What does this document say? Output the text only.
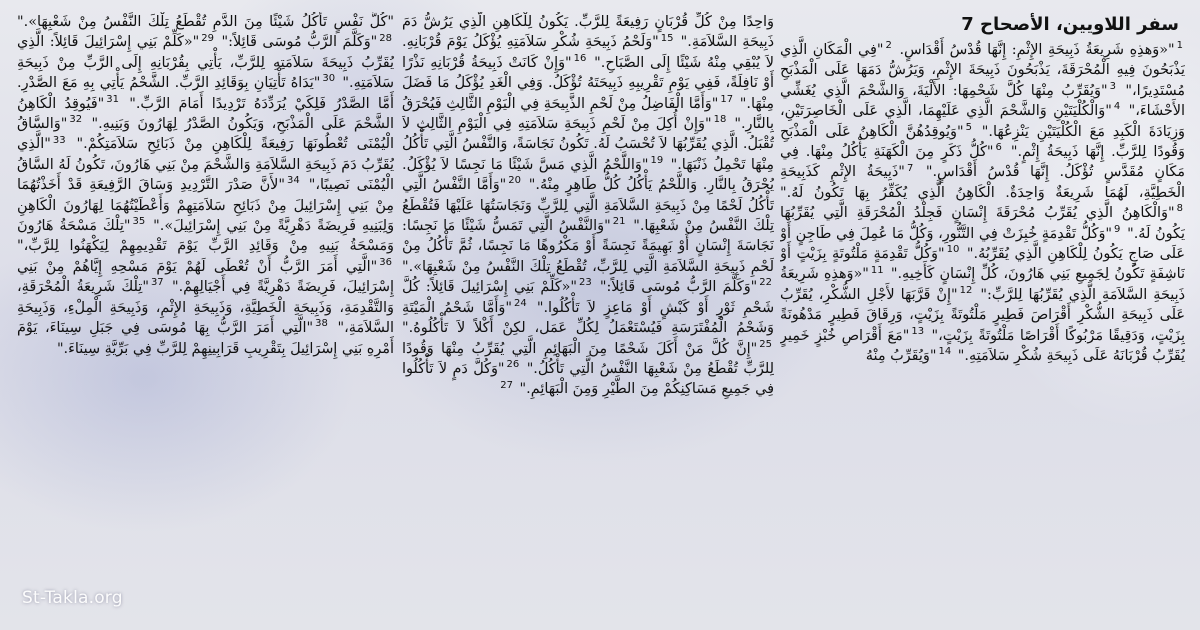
سفر اللاويين، الأصحاح 7
$^1$"«وَهذِهِ شَرِيعَةُ ذَبِيحَةِ الإِثْمِ: إِنَّهَا قُدْسُ أَقْدَاسٍ. $^2$"فِي الْمَكَانِ الَّذِي يَذْبَحُونَ فِيهِ الْمُحْرَقَةَ، يَذْبَحُونَ ذَبِيحَةَ الإِثْمِ، وَيَرُشُّ دَمَهَا عَلَى الْمَذْبَحِ مُسْتَدِيرًا،" $^3$"وَيُقَرِّبُ مِنْهَا كُلَّ شَحْمِهَا: الأَلْيَةَ، وَالشَّحْمَ الَّذِي يُغَشِّي الأَحْشَاءَ،" $^4$"وَالْكُلْيَتَيْنِ وَالشَّحْمَ الَّذِي عَلَيْهِمَا، الَّذِي عَلَى الْخَاصِرَتَيْنِ، وَزِيَادَةَ الْكَبِدِ مَعَ الْكُلْيَتَيْنِ يَنْزِعُهَا." $^5$"وَيُوقِدُهُنَّ الْكَاهِنُ عَلَى الْمَذْبَحِ وَقُودًا لِلرَّبِّ. إِنَّهَا ذَبِيحَةُ إِثْمٍ." $^6$"كُلُّ ذَكَرٍ مِنَ الْكَهَنَةِ يَأْكُلُ مِنْهَا. فِي مَكَانٍ مُقَدَّسٍ تُؤْكَلُ. إِنَّهَا قُدْسُ أَقْدَاسٍ." $^7$"ذَبِيحَةُ الإِثْمِ كَذَبِيحَةِ الْخَطِيَّةِ، لَهُمَا شَرِيعَةٌ وَاحِدَةٌ. الْكَاهِنُ الَّذِي يُكَفِّرُ بِهَا تَكُونُ لَهُ." $^8$"وَالْكَاهِنُ الَّذِي يُقَرِّبُ مُحْرَقَةَ إِنْسَانٍ فَجِلْدُ الْمُحْرَقَةِ الَّتِي يُقَرِّبُهَا يَكُونُ لَهُ." $^9$"وَكُلُّ تَقْدِمَةٍ خُبِزَتْ فِي التَّنُّورِ، وَكُلُّ مَا عُمِلَ فِي طَاجِنٍ أَوْ عَلَى صَاجٍ يَكُونُ لِلْكَاهِنِ الَّذِي يُقَرِّبُهُ." $^{10}$"وَكُلُّ تَقْدِمَةٍ مَلْتُوتَةٍ بِزَيْتٍ أَوْ نَاشِفَةٍ تَكُونُ لِجَمِيعِ بَنِي هَارُونَ، كُلِّ إِنْسَانٍ كَأَخِيهِ." $^{11}$"«وَهذِهِ شَرِيعَةُ ذَبِيحَةِ السَّلاَمَةِ الَّذِي يُقَرِّبُهَا لِلرَّبِّ:" $^{12}$"إِنْ قَرَّبَهَا لأَجْلِ الشُّكْرِ، يُقَرِّبُ عَلَى ذَبِيحَةِ الشُّكْرِ أَقْرَاصَ فَطِيرٍ مَلْتُوتَةً بِزَيْتٍ، وَرِقَاقَ فَطِيرٍ مَدْهُونَةً بِزَيْتٍ، وَدَقِيقًا مَرْبُوكًا أَقْرَاصًا مَلْتُوتَةً بِزَيْتٍ،" $^{13}$"مَعَ أَقْرَاصِ خُبْزٍ خَمِيرٍ يُقَرِّبُ قُرْبَانَهُ عَلَى ذَبِيحَةِ شُكْرِ سَلاَمَتِهِ." $^{14}$"وَيُقَرِّبُ مِنْهُ
وَاحِدًا مِنْ كُلِّ قُرْبَانٍ رَفِيعَةً لِلرَّبِّ. يَكُونُ لِلْكَاهِنِ الَّذِي يَرُشُّ دَمَ ذَبِيحَةِ السَّلاَمَةِ." $^{15}$"وَلَحْمُ ذَبِيحَةِ شُكْرِ سَلاَمَتِهِ يُؤْكَلُ يَوْمَ قُرْبَانِهِ. لاَ يُبْقِي مِنْهُ شَيْئًا إِلَى الصَّبَاحِ." $^{16}$"وَإِنْ كَانَتْ ذَبِيحَةُ قُرْبَانِهِ نَذْرًا أَوْ نَافِلَةً، فَفِي يَوْمِ تَقْرِيبِهِ ذَبِيحَتَهُ تُؤْكَلُ. وَفِي الْغَدِ يُؤْكَلُ مَا فَضَلَ مِنْهَا." $^{17}$"وَأَمَّا الْفَاضِلُ مِنْ لَحْمِ الذَّبِيحَةِ فِي الْيَوْمِ الثَّالِثِ فَيُحْرَقُ بِالنَّارِ." $^{18}$"وَإِنْ أُكِلَ مِنْ لَحْمِ ذَبِيحَةِ سَلاَمَتِهِ فِي الْيَوْمِ الثَّالِثِ لاَ تُقْبَلُ. الَّذِي يُقَرِّبُهَا لاَ تُحْسَبُ لَهُ. تَكُونُ نَجَاسَةً، وَالنَّفْسُ الَّتِي تَأْكُلُ مِنْهَا تَحْمِلُ ذَنْبَهَا." $^{19}$"وَاللَّحْمُ الَّذِي مَسَّ شَيْئًا مَا نَجِسًا لاَ يُؤْكَلُ. يُحْرَقُ بِالنَّارِ. وَاللَّحْمُ يَأْكُلُ كُلُّ طَاهِرٍ مِنْهُ." $^{20}$"وَأَمَّا النَّفْسُ الَّتِي تَأْكُلُ لَحْمًا مِنْ ذَبِيحَةِ السَّلاَمَةِ الَّتِي لِلرَّبِّ وَنَجَاسَتُهَا عَلَيْهَا فَتُقْطَعُ تِلْكَ النَّفْسُ مِنْ شَعْبِهَا." $^{21}$"وَالنَّفْسُ الَّتِي تَمَسُّ شَيْئًا مَا نَجِسًا: نَجَاسَةَ إِنْسَانٍ أَوْ بَهِيمَةً نَجِسَةً أَوْ مَكْرُوهًا مَا نَجِسًا، ثُمَّ تَأْكُلُ مِنْ لَحْمِ ذَبِيحَةِ السَّلاَمَةِ الَّتِي لِلرَّبِّ، تُقْطَعُ تِلْكَ النَّفْسُ مِنْ شَعْبِهَا»." $^{22}$"وَكَلَّمَ الرَّبُّ مُوسَى قَائِلاً:" $^{23}$"«كَلِّمْ بَنِي إِسْرَائِيلَ قَائِلاً: كُلَّ شَحْمِ ثَوْرٍ أَوْ كَبْشٍ أَوْ مَاعِزٍ لاَ تَأْكُلُوا." $^{24}$"وَأَمَّا شَحْمُ الْمَيْتَةِ وَشَحْمُ الْمُفْتَرَسَةِ فَيُسْتَعْمَلُ لِكُلِّ عَمَل، لكِنْ أَكْلاً لاَ تَأْكُلُوهُ." $^{25}$"إِنَّ كُلَّ مَنْ أَكَلَ شَحْمًا مِنَ الْبَهَائِمِ الَّتِي يُقَرِّبُ مِنْهَا وَقُودًا لِلرَّبِّ تُقْطَعُ مِنْ شَعْبِهَا النَّفْسُ الَّتِي تَأْكُلُ." $^{26}$"وَكُلَّ دَمٍ لاَ تَأْكُلُوا فِي جَمِيعِ مَسَاكِنِكُمْ مِنَ الطَّيْرِ وَمِنَ الْبَهَائِمِ." $^{27}$
"كُلُّ نَفْسٍ تَأْكُلُ شَيْئًا مِنَ الدَّمِ تُقْطَعُ تِلْكَ النَّفْسُ مِنْ شَعْبِهَا»." $^{28}$"وَكَلَّمَ الرَّبُّ مُوسَى قَائِلاً:" $^{29}$"«كَلِّمْ بَنِي إِسْرَائِيلَ قَائِلاً: الَّذِي يُقَرِّبُ ذَبِيحَةَ سَلاَمَتِهِ لِلرَّبِّ، يَأْتِي بِقُرْبَانِهِ إِلَى الرَّبِّ مِنْ ذَبِيحَةِ سَلاَمَتِهِ." $^{30}$"يَدَاهُ تَأْتِيَانِ بِوَقَائِدِ الرَّبِّ. الشَّحْمُ يَأْتِي بِهِ مَعَ الصَّدْرِ. أَمَّا الصَّدْرُ فَلِكَيْ يُرَدِّدَهُ تَرْدِيدًا أَمَامَ الرَّبِّ." $^{31}$"فَيُوقِدُ الْكَاهِنُ الشَّحْمَ عَلَى الْمَذْبَحِ، وَيَكُونُ الصَّدْرُ لِهَارُونَ وَبَنِيهِ." $^{32}$"وَالسَّاقُ الْيُمْنَى تُعْطُونَهَا رَفِيعَةً لِلْكَاهِنِ مِنْ ذَبَائِحِ سَلاَمَتِكُمْ." $^{33}$"الَّذِي يُقَرِّبُ دَمَ ذَبِيحَةِ السَّلاَمَةِ وَالشَّحْمَ مِنْ بَنِي هَارُونَ، تَكُونُ لَهُ السَّاقُ الْيُمْنَى نَصِيبًا،" $^{34}$"لأَنَّ صَدْرَ التَّرْدِيدِ وَسَاقَ الرَّفِيعَةِ قَدْ أَخَذْتُهُمَا مِنْ بَنِي إِسْرَائِيلَ مِنْ ذَبَائِحِ سَلاَمَتِهِمْ وَأَعْطَيْتُهُمَا لِهَارُونَ الْكَاهِنِ وَلِبَنِيهِ فَرِيضَةً دَهْرِيَّةً مِنْ بَنِي إِسْرَائِيلَ»." $^{35}$"تِلْكَ مَسْحَةُ هَارُونَ وَمَسْحَةُ بَنِيهِ مِنْ وَقَائِدِ الرَّبِّ يَوْمَ تَقْدِيمِهِمْ لِيَكْهَنُوا لِلرَّبِّ،" $^{36}$"الَّتِي أَمَرَ الرَّبُّ أَنْ تُعْطَى لَهُمْ يَوْمَ مَسْحِهِ إِيَّاهُمْ مِنْ بَنِي إِسْرَائِيلَ، فَرِيضَةً دَهْرِيَّةً فِي أَجْيَالِهِمْ." $^{37}$"تِلْكَ شَرِيعَةُ الْمُحْرَقَةِ، وَالتَّقْدِمَةِ، وَذَبِيحَةِ الْخَطِيَّةِ، وَذَبِيحَةِ الإِثْمِ، وَذَبِيحَةِ الْمِلْءِ، وَذَبِيحَةِ السَّلاَمَةِ،" $^{38}$"الَّتِي أَمَرَ الرَّبُّ بِهَا مُوسَى فِي جَبَلِ سِينَاءَ، يَوْمَ أَمْرِهِ بَنِي إِسْرَائِيلَ بِتَقْرِيبِ قَرَابِينِهِمْ لِلرَّبِّ فِي بَرِّيَّةِ سِينَاءَ."
St-Takla.org
